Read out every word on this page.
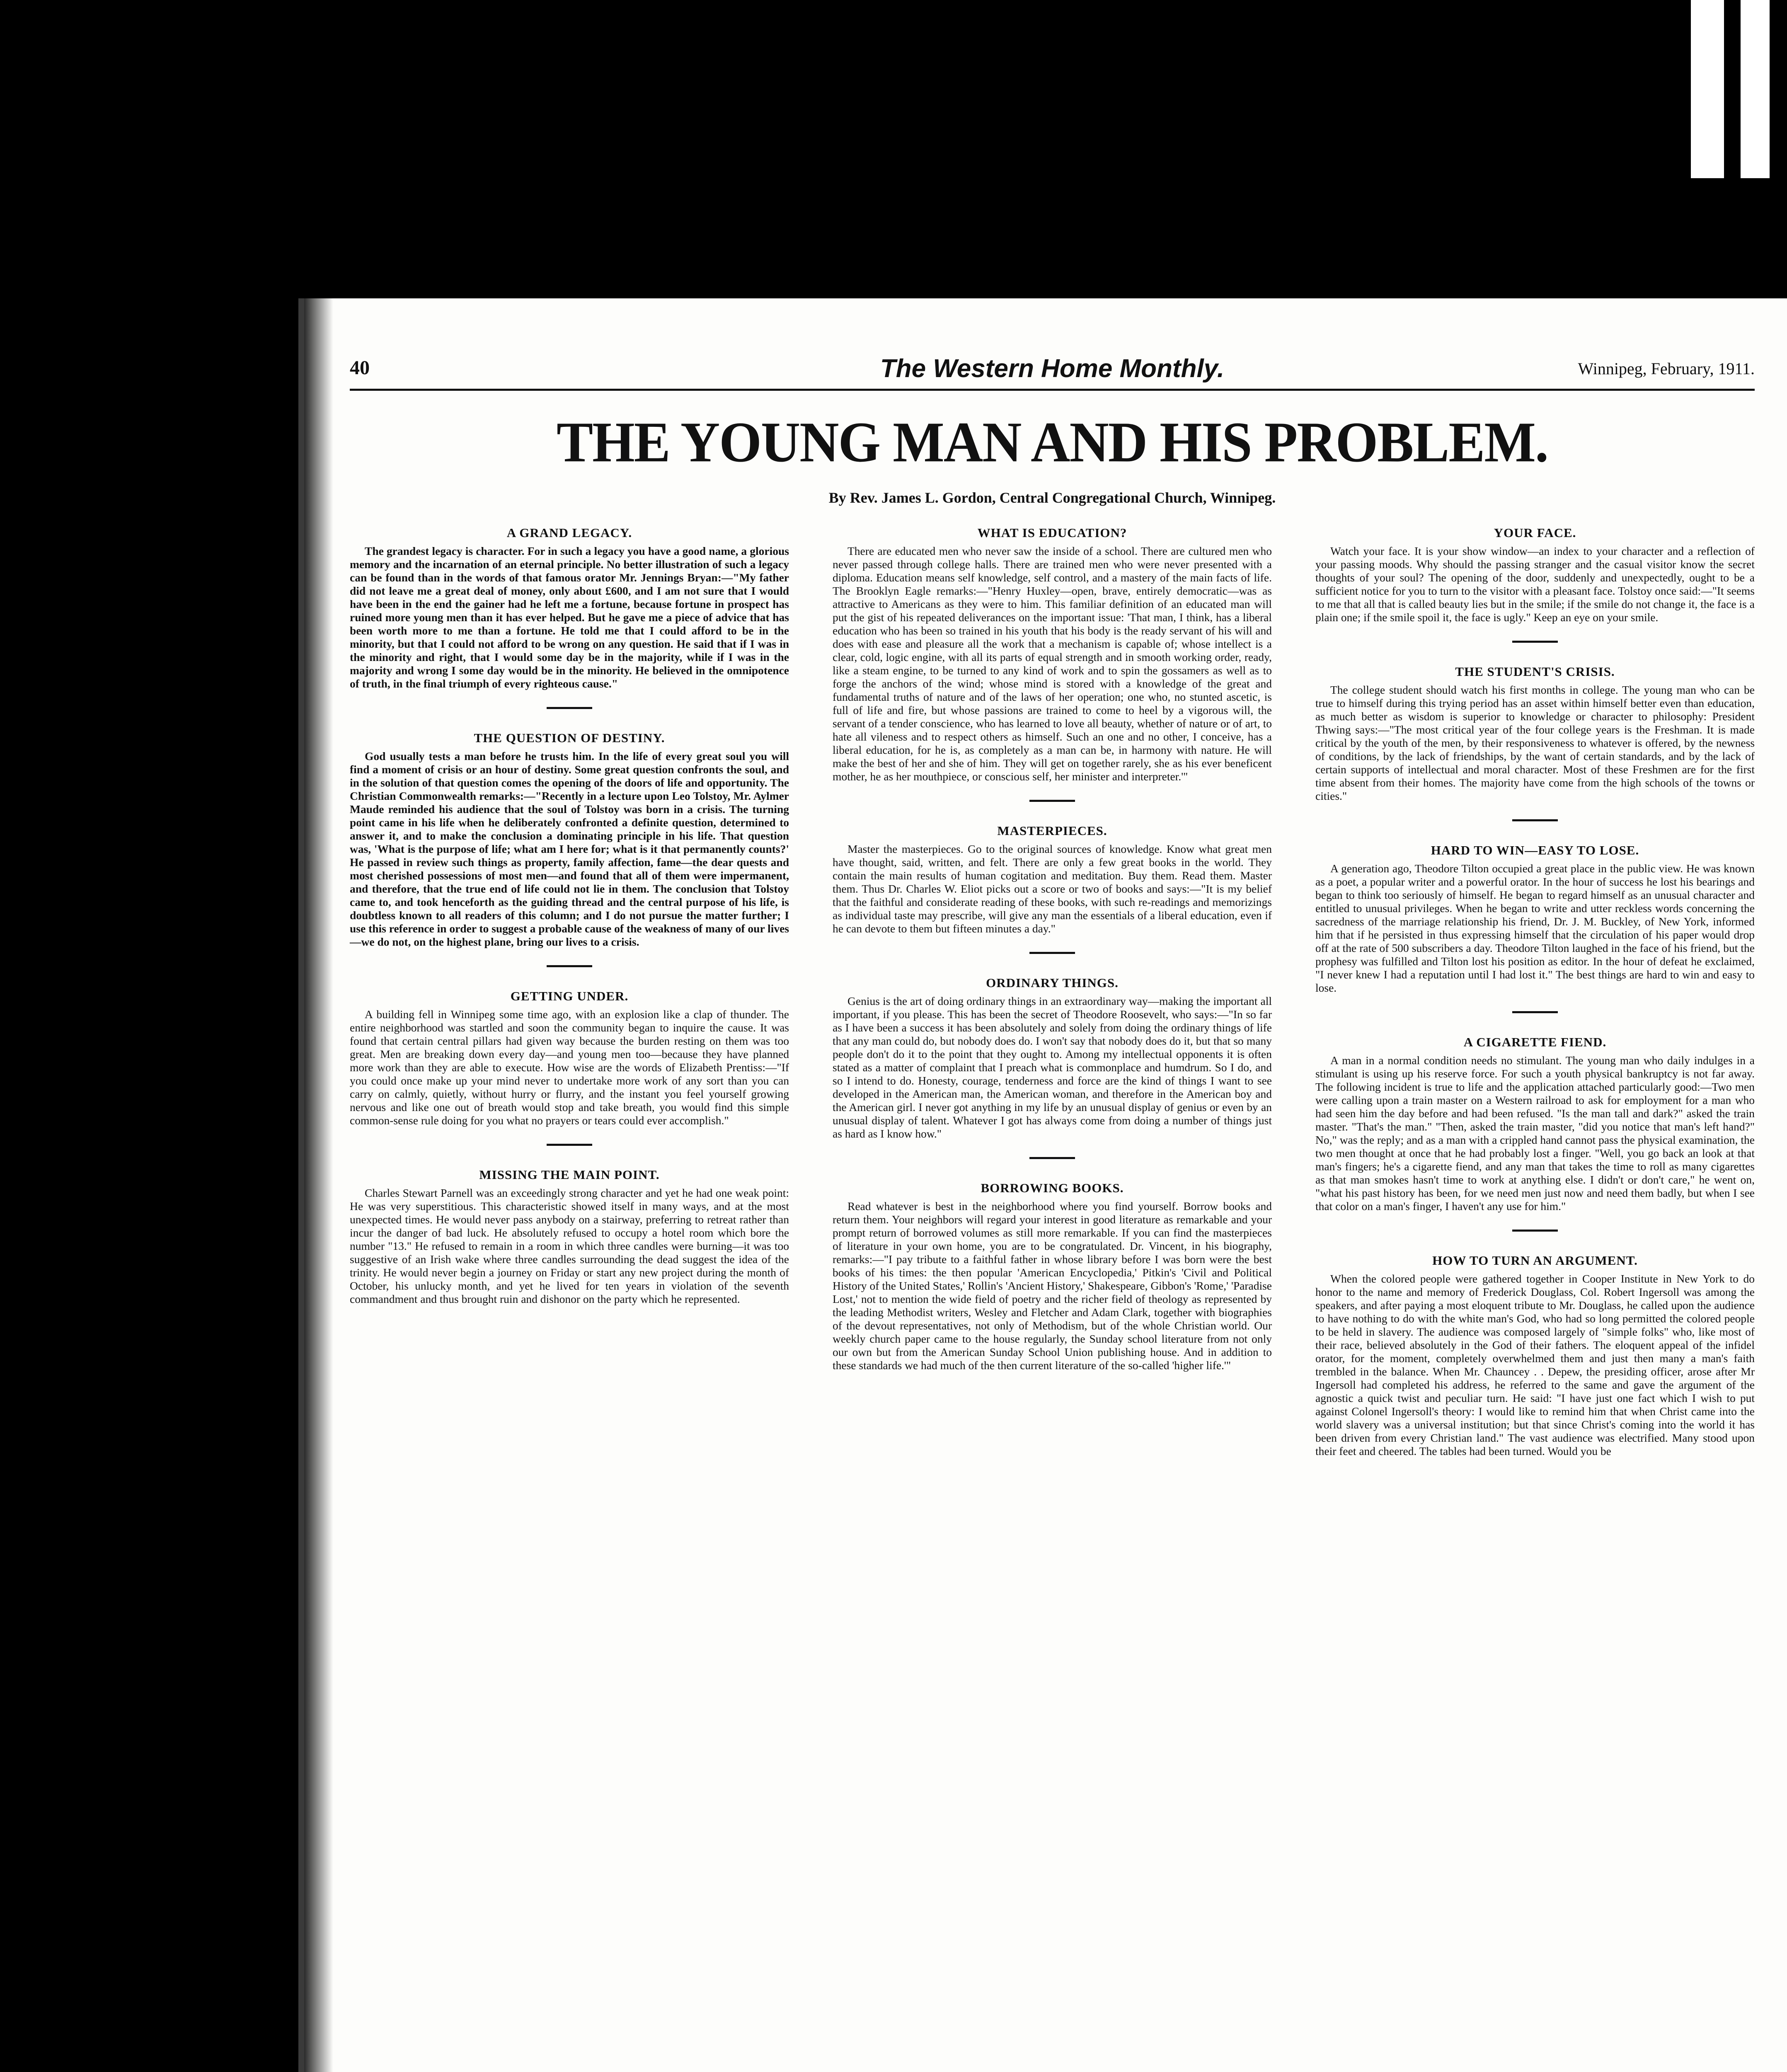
40	The Western Home Monthly.	Winnipeg, February, 1911.
THE YOUNG MAN AND HIS PROBLEM.
By Rev. James L. Gordon, Central Congregational Church, Winnipeg.
A GRAND LEGACY.

The grandest legacy is character. For in such a legacy you have a good name, a glorious memory and the incarnation of an eternal principle. No better illustration of such a legacy can be found than in the words of that famous orator Mr. Jennings Bryan:—"My father did not leave me a great deal of money, only about £600, and I am not sure that I would have been in the end the gainer had he left me a fortune, because fortune in prospect has ruined more young men than it has ever helped. But he gave me a piece of advice that has been worth more to me than a fortune. He told me that I could afford to be in the minority, but that I could not afford to be wrong on any question. He said that if I was in the minority and right, that I would some day be in the majority, while if I was in the majority and wrong I some day would be in the minority. He believed in the omnipotence of truth, in the final triumph of every righteous cause."

THE QUESTION OF DESTINY.

God usually tests a man before he trusts him. In the life of every great soul you will find a moment of crisis or an hour of destiny. Some great question confronts the soul, and in the solution of that question comes the opening of the doors of life and opportunity. The Christian Commonwealth remarks:—"Recently in a lecture upon Leo Tolstoy, Mr. Aylmer Maude reminded his audience that the soul of Tolstoy was born in a crisis. The turning point came in his life when he deliberately confronted a definite question, determined to answer it, and to make the conclusion a dominating principle in his life. That question was, 'What is the purpose of life; what am I here for; what is it that permanently counts?' He passed in review such things as property, family affection, fame—the dear quests and most cherished possessions of most men—and found that all of them were impermanent, and therefore, that the true end of life could not lie in them. The conclusion that Tolstoy came to, and took henceforth as the guiding thread and the central purpose of his life, is doubtless known to all readers of this column; and I do not pursue the matter further; I use this reference in order to suggest a probable cause of the weakness of many of our lives—we do not, on the highest plane, bring our lives to a crisis.

GETTING UNDER.

A building fell in Winnipeg some time ago, with an explosion like a clap of thunder. The entire neighborhood was startled and soon the community began to inquire the cause. It was found that certain central pillars had given way because the burden resting on them was too great. Men are breaking down every day—and young men too—because they have planned more work than they are able to execute. How wise are the words of Elizabeth Prentiss:—"If you could once make up your mind never to undertake more work of any sort than you can carry on calmly, quietly, without hurry or flurry, and the instant you feel yourself growing nervous and like one out of breath would stop and take breath, you would find this simple common-sense rule doing for you what no prayers or tears could ever accomplish."

MISSING THE MAIN POINT.

Charles Stewart Parnell was an exceedingly strong character and yet he had one weak point: He was very superstitious. This characteristic showed itself in many ways, and at the most unexpected times. He would never pass anybody on a stairway, preferring to retreat rather than incur the danger of bad luck. He absolutely refused to occupy a hotel room which bore the number "13." He refused to remain in a room in which three candles were burning—it was too suggestive of an Irish wake where three candles surrounding the dead suggest the idea of the trinity. He would never begin a journey on Friday or start any new project during the month of October, his unlucky month, and yet he lived for ten years in violation of the seventh commandment and thus brought ruin and dishonor on the party which he represented.

WHAT IS EDUCATION?

There are educated men who never saw the inside of a school. There are cultured men who never passed through college halls. There are trained men who were never presented with a diploma. Education means self knowledge, self control, and a mastery of the main facts of life. The Brooklyn Eagle remarks:—"Henry Huxley—open, brave, entirely democratic—was as attractive to Americans as they were to him. This familiar definition of an educated man will put the gist of his repeated deliverances on the important issue: 'That man, I think, has a liberal education who has been so trained in his youth that his body is the ready servant of his will and does with ease and pleasure all the work that a mechanism is capable of; whose intellect is a clear, cold, logic engine, with all its parts of equal strength and in smooth working order, ready, like a steam engine, to be turned to any kind of work and to spin the gossamers as well as to forge the anchors of the wind; whose mind is stored with a knowledge of the great and fundamental truths of nature and of the laws of her operation; one who, no stunted ascetic, is full of life and fire, but whose passions are trained to come to heel by a vigorous will, the servant of a tender conscience, who has learned to love all beauty, whether of nature or of art, to hate all vileness and to respect others as himself. Such an one and no other, I conceive, has a liberal education, for he is, as completely as a man can be, in harmony with nature. He will make the best of her and she of him. They will get on together rarely, she as his ever beneficent mother, he as her mouthpiece, or conscious self, her minister and interpreter.'"

MASTERPIECES.

Master the masterpieces. Go to the original sources of knowledge. Know what great men have thought, said, written, and felt. There are only a few great books in the world. They contain the main results of human cogitation and meditation. Buy them. Read them. Master them. Thus Dr. Charles W. Eliot picks out a score or two of books and says:—"It is my belief that the faithful and considerate reading of these books, with such re-readings and memorizings as individual taste may prescribe, will give any man the essentials of a liberal education, even if he can devote to them but fifteen minutes a day."

ORDINARY THINGS.

Genius is the art of doing ordinary things in an extraordinary way—making the important all important, if you please. This has been the secret of Theodore Roosevelt, who says:—"In so far as I have been a success it has been absolutely and solely from doing the ordinary things of life that any man could do, but nobody does do. I won't say that nobody does do it, but that so many people don't do it to the point that they ought to. Among my intellectual opponents it is often stated as a matter of complaint that I preach what is commonplace and humdrum. So I do, and so I intend to do. Honesty, courage, tenderness and force are the kind of things I want to see developed in the American man, the American woman, and therefore in the American boy and the American girl. I never got anything in my life by an unusual display of genius or even by an unusual display of talent. Whatever I got has always come from doing a number of things just as hard as I know how."

BORROWING BOOKS.

Read whatever is best in the neighborhood where you find yourself. Borrow books and return them. Your neighbors will regard your interest in good literature as remarkable and your prompt return of borrowed volumes as still more remarkable. If you can find the masterpieces of literature in your own home, you are to be congratulated. Dr. Vincent, in his biography, remarks:—"I pay tribute to a faithful father in whose library before I was born were the best books of his times: the then popular 'American Encyclopedia,' Pitkin's 'Civil and Political History of the United States,' Rollin's 'Ancient History,' Shakespeare, Gibbon's 'Rome,' 'Paradise Lost,' not to mention the wide field of poetry and the richer field of theology as represented by the leading Methodist writers, Wesley and Fletcher and Adam Clark, together with biographies of the devout representatives, not only of Methodism, but of the whole Christian world. Our weekly church paper came to the house regularly, the Sunday school literature from not only our own but from the American Sunday School Union publishing house. And in addition to these standards we had much of the then current literature of the so-called 'higher life.'"

YOUR FACE.

Watch your face. It is your show window—an index to your character and a reflection of your passing moods. Why should the passing stranger and the casual visitor know the secret thoughts of your soul? The opening of the door, suddenly and unexpectedly, ought to be a sufficient notice for you to turn to the visitor with a pleasant face. Tolstoy once said:—"It seems to me that all that is called beauty lies but in the smile; if the smile do not change it, the face is a plain one; if the smile spoil it, the face is ugly." Keep an eye on your smile.

THE STUDENT'S CRISIS.

The college student should watch his first months in college. The young man who can be true to himself during this trying period has an asset within himself better even than education, as much better as wisdom is superior to knowledge or character to philosophy: President Thwing says:—"The most critical year of the four college years is the Freshman. It is made critical by the youth of the men, by their responsiveness to whatever is offered, by the newness of conditions, by the lack of friendships, by the want of certain standards, and by the lack of certain supports of intellectual and moral character. Most of these Freshmen are for the first time absent from their homes. The majority have come from the high schools of the towns or cities."

HARD TO WIN—EASY TO LOSE.

A generation ago, Theodore Tilton occupied a great place in the public view. He was known as a poet, a popular writer and a powerful orator. In the hour of success he lost his bearings and began to think too seriously of himself. He began to regard himself as an unusual character and entitled to unusual privileges. When he began to write and utter reckless words concerning the sacredness of the marriage relationship his friend, Dr. J. M. Buckley, of New York, informed him that if he persisted in thus expressing himself that the circulation of his paper would drop off at the rate of 500 subscribers a day. Theodore Tilton laughed in the face of his friend, but the prophesy was fulfilled and Tilton lost his position as editor. In the hour of defeat he exclaimed, "I never knew I had a reputation until I had lost it." The best things are hard to win and easy to lose.

A CIGARETTE FIEND.

A man in a normal condition needs no stimulant. The young man who daily indulges in a stimulant is using up his reserve force. For such a youth physical bankruptcy is not far away. The following incident is true to life and the application attached particularly good:—Two men were calling upon a train master on a Western railroad to ask for employment for a man who had seen him the day before and had been refused. "Is the man tall and dark?" asked the train master. "That's the man." "Then, asked the train master, "did you notice that man's left hand?" No," was the reply; and as a man with a crippled hand cannot pass the physical examination, the two men thought at once that he had probably lost a finger. "Well, you go back an look at that man's fingers; he's a cigarette fiend, and any man that takes the time to roll as many cigarettes as that man smokes hasn't time to work at anything else. I didn't or don't care," he went on, "what his past history has been, for we need men just now and need them badly, but when I see that color on a man's finger, I haven't any use for him."

HOW TO TURN AN ARGUMENT.

When the colored people were gathered together in Cooper Institute in New York to do honor to the name and memory of Frederick Douglass, Col. Robert Ingersoll was among the speakers, and after paying a most eloquent tribute to Mr. Douglass, he called upon the audience to have nothing to do with the white man's God, who had so long permitted the colored people to be held in slavery. The audience was composed largely of "simple folks" who, like most of their race, believed absolutely in the God of their fathers. The eloquent appeal of the infidel orator, for the moment, completely overwhelmed them and just then many a man's faith trembled in the balance. When Mr. Chauncey . . Depew, the presiding officer, arose after Mr Ingersoll had completed his address, he referred to the same and gave the argument of the agnostic a quick twist and peculiar turn. He said: "I have just one fact which I wish to put against Colonel Ingersoll's theory: I would like to remind him that when Christ came into the world slavery was a universal institution; but that since Christ's coming into the world it has been driven from every Christian land." The vast audience was electrified. Many stood upon their feet and cheered. The tables had been turned. Would you be
